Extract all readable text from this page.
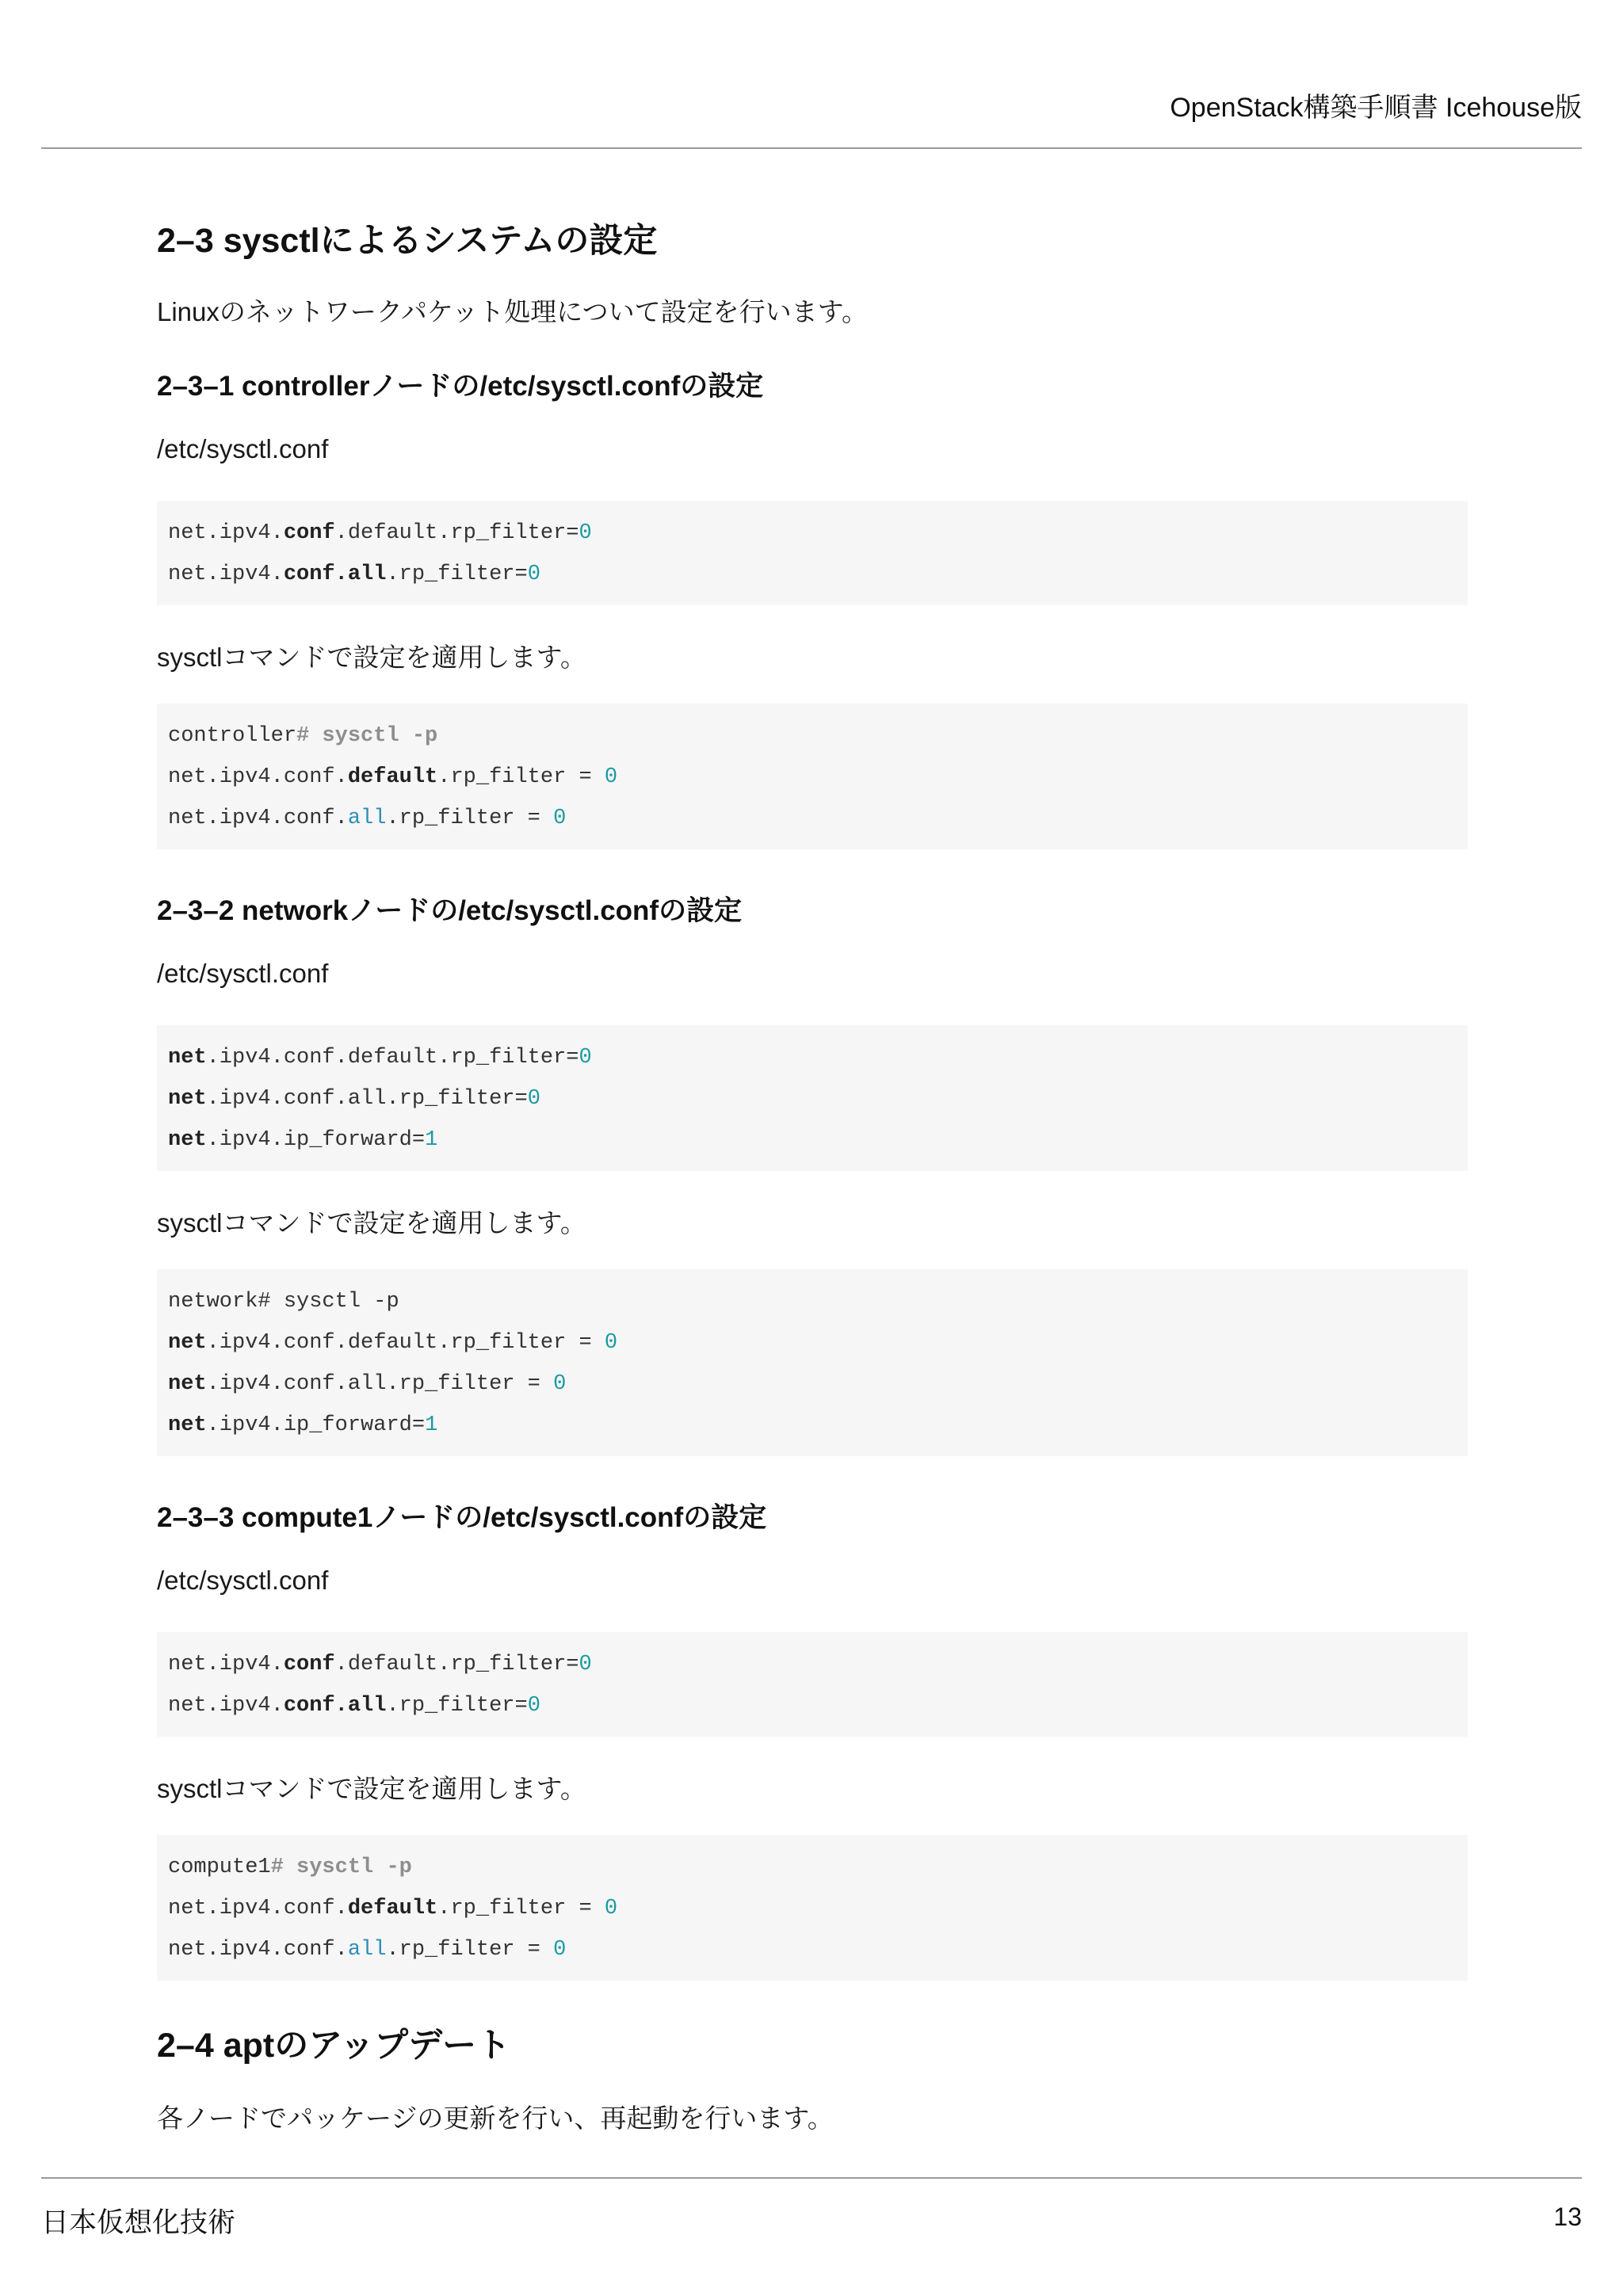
OpenStack構築手順書 Icehouse版
2–3 sysctlによるシステムの設定

Linuxのネットワークパケット処理について設定を行います。

2–3–1 controllerノードの/etc/sysctl.confの設定

/etc/sysctl.conf

net.ipv4.conf.default.rp_filter=0
net.ipv4.conf.all.rp_filter=0

sysctlコマンドで設定を適用します。

controller# sysctl -p
net.ipv4.conf.default.rp_filter = 0
net.ipv4.conf.all.rp_filter = 0
2–3–2 networkノードの/etc/sysctl.confの設定

/etc/sysctl.conf

net.ipv4.conf.default.rp_filter=0
net.ipv4.conf.all.rp_filter=0
net.ipv4.ip_forward=1

sysctlコマンドで設定を適用します。

network# sysctl -p
net.ipv4.conf.default.rp_filter = 0
net.ipv4.conf.all.rp_filter = 0
net.ipv4.ip_forward=1
2–3–3 compute1ノードの/etc/sysctl.confの設定

/etc/sysctl.conf

net.ipv4.conf.default.rp_filter=0
net.ipv4.conf.all.rp_filter=0

sysctlコマンドで設定を適用します。

compute1# sysctl -p
net.ipv4.conf.default.rp_filter = 0
net.ipv4.conf.all.rp_filter = 0
2–4 aptのアップデート

各ノードでパッケージの更新を行い、再起動を行います。

日本仮想化技術	13
